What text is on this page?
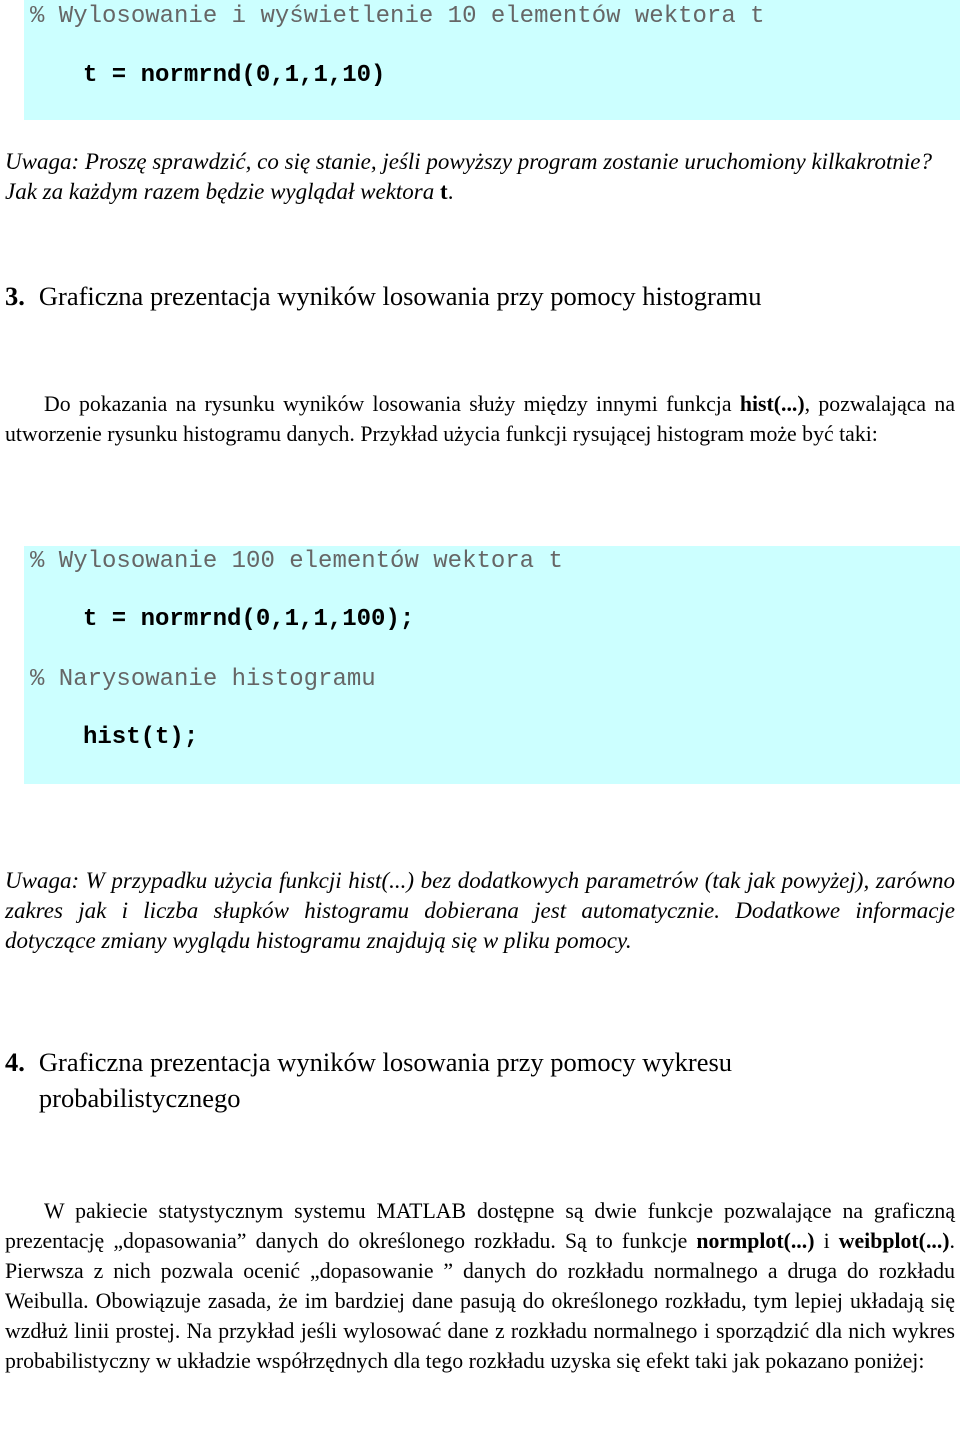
% Wylosowanie i wyświetlenie 10 elementów wektora t
t = normrnd(0,1,1,10)
Uwaga: Proszę sprawdzić, co się stanie, jeśli powyższy program zostanie uruchomiony kilkakrotnie? Jak za każdym razem będzie wyglądał wektora t.
3. Graficzna prezentacja wyników losowania przy pomocy histogramu
Do pokazania na rysunku wyników losowania służy między innymi funkcja hist(...), pozwalająca na utworzenie rysunku histogramu danych. Przykład użycia funkcji rysującej histogram może być taki:
% Wylosowanie 100 elementów wektora t
t = normrnd(0,1,1,100);
% Narysowanie histogramu
hist(t);
Uwaga: W przypadku użycia funkcji hist(...) bez dodatkowych parametrów (tak jak powyżej), zarówno zakres jak i liczba słupków histogramu dobierana jest automatycznie. Dodatkowe informacje dotyczące zmiany wyglądu histogramu znajdują się w pliku pomocy.
4. Graficzna prezentacja wyników losowania przy pomocy wykresu
probabilistycznego
W pakiecie statystycznym systemu MATLAB dostępne są dwie funkcje pozwalające na graficzną prezentację „dopasowania” danych do określonego rozkładu. Są to funkcje normplot(...) i weibplot(...). Pierwsza z nich pozwala ocenić „dopasowanie ” danych do rozkładu normalnego a druga do rozkładu Weibulla. Obowiązuje zasada, że im bardziej dane pasują do określonego rozkładu, tym lepiej układają się wzdłuż linii prostej. Na przykład jeśli wylosować dane z rozkładu normalnego i sporządzić dla nich wykres probabilistyczny w układzie współrzędnych dla tego rozkładu uzyska się efekt taki jak pokazano poniżej:
